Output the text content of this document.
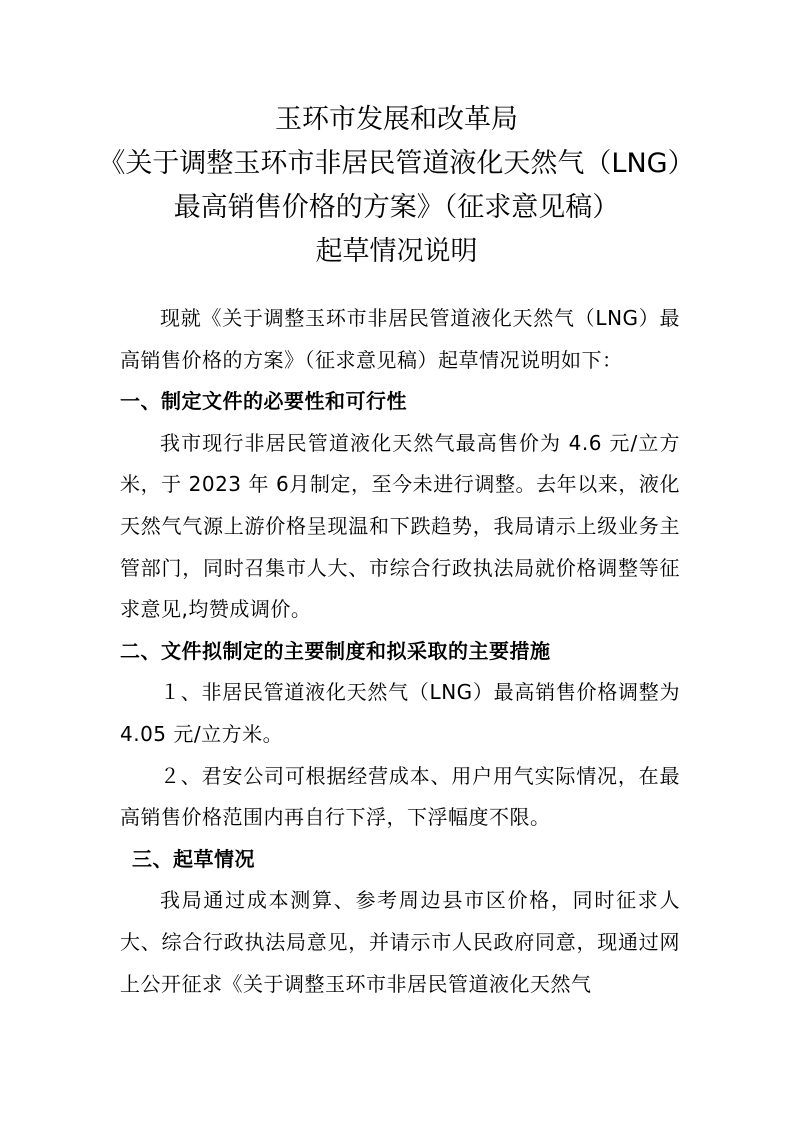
玉环市发展和改革局
《关于调整玉环市非居民管道液化天然气（LNG）
最高销售价格的方案》（征求意见稿）
起草情况说明

现就《关于调整玉环市非居民管道液化天然气（LNG）最高销售价格的方案》（征求意见稿）起草情况说明如下：

一、制定文件的必要性和可行性

我市现行非居民管道液化天然气最高售价为 4.6 元/立方米，于 2023 年 6月制定，至今未进行调整。去年以来，液化天然气气源上游价格呈现温和下跌趋势，我局请示上级业务主管部门，同时召集市人大、市综合行政执法局就价格调整等征求意见,均赞成调价。

二、文件拟制定的主要制度和拟采取的主要措施

１、非居民管道液化天然气（LNG）最高销售价格调整为 4.05 元/立方米。

２、君安公司可根据经营成本、用户用气实际情况，在最高销售价格范围内再自行下浮，下浮幅度不限。

三、起草情况

我局通过成本测算、参考周边县市区价格，同时征求人大、综合行政执法局意见，并请示市人民政府同意，现通过网上公开征求《关于调整玉环市非居民管道液化天然气
